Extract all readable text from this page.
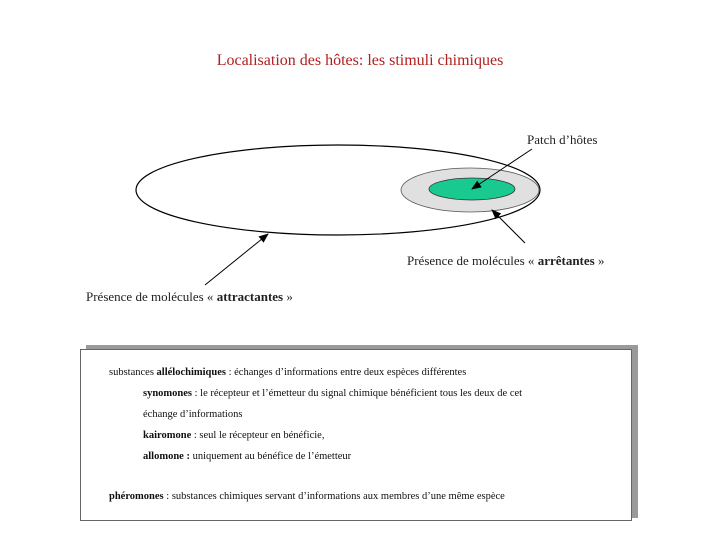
Localisation des hôtes: les stimuli chimiques
Patch d’hôtes
Présence de molécules « arrêtantes »
Présence de molécules « attractantes »
substances allélochimiques : échanges d’informations entre deux espèces différentes
synomones : le récepteur et l’émetteur du signal chimique bénéficient tous les deux de cet
échange d’informations
kairomone : seul le récepteur en bénéficie,
allomone : uniquement au bénéfice de l’émetteur
phéromones : substances chimiques servant d’informations aux membres d’une même espèce
